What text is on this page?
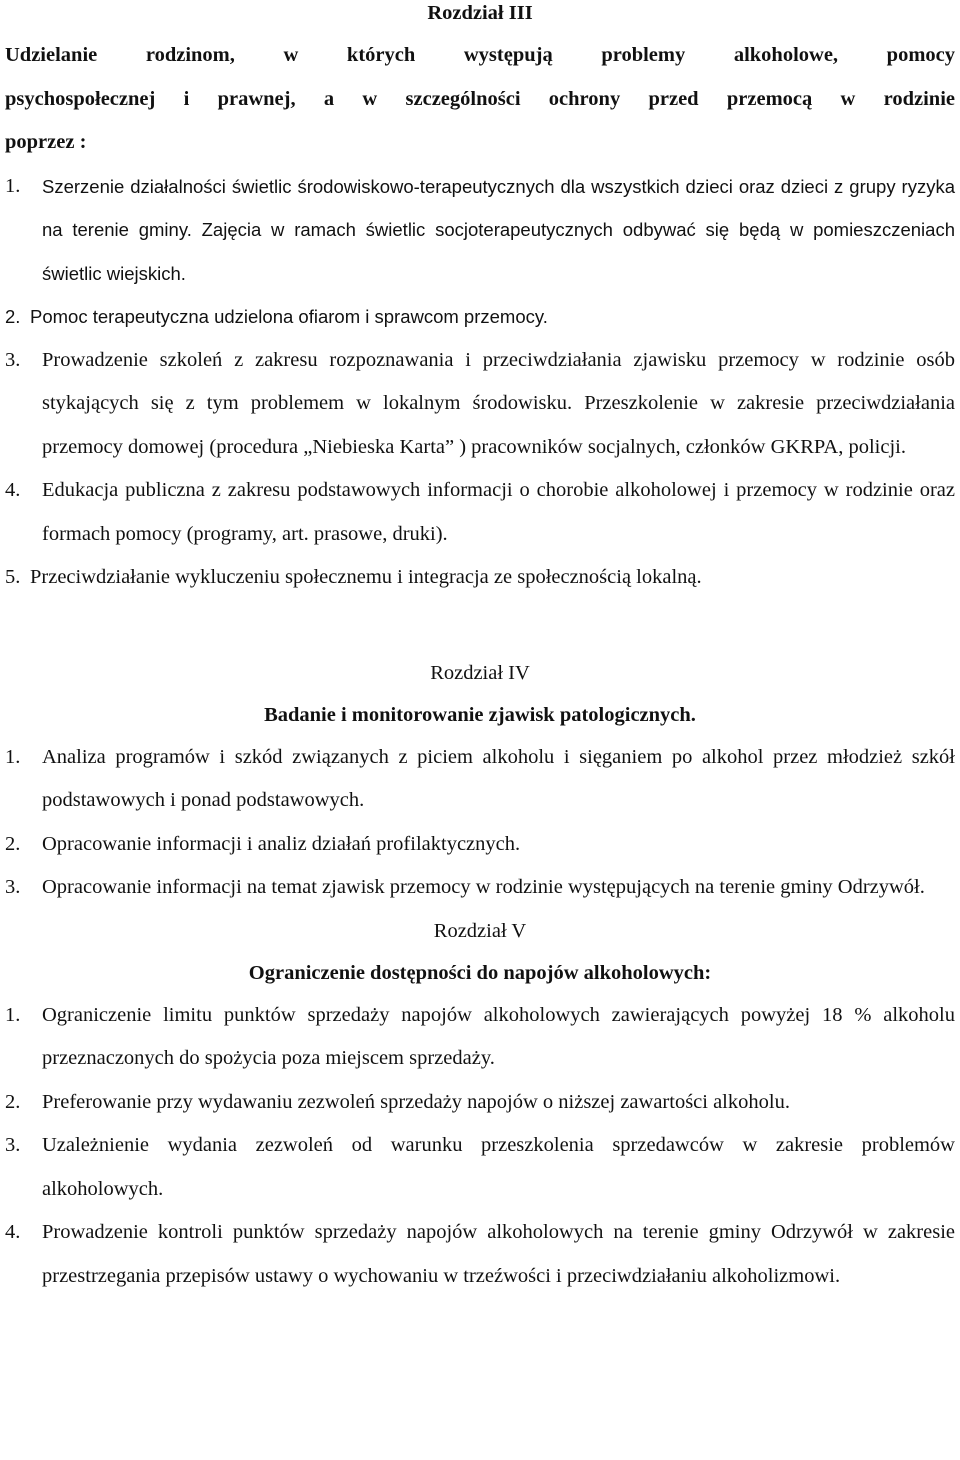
Rozdział III
Udzielanie rodzinom, w których występują problemy alkoholowe, pomocy
psychospołecznej i prawnej, a w szczególności ochrony przed przemocą w rodzinie
poprzez :
1.	Szerzenie działalności świetlic środowiskowo-terapeutycznych dla wszystkich dzieci oraz dzieci z grupy ryzyka na terenie gminy. Zajęcia w ramach świetlic socjoterapeutycznych odbywać się będą w pomieszczeniach świetlic wiejskich.
2. Pomoc terapeutyczna udzielona ofiarom i sprawcom przemocy.
3.	Prowadzenie szkoleń z zakresu rozpoznawania i przeciwdziałania zjawisku przemocy w rodzinie osób stykających się z tym problemem w lokalnym środowisku. Przeszkolenie w zakresie przeciwdziałania przemocy domowej (procedura „Niebieska Karta” ) pracowników socjalnych, członków GKRPA, policji.
4.	Edukacja publiczna z zakresu podstawowych informacji o chorobie alkoholowej i przemocy w rodzinie oraz formach pomocy (programy, art. prasowe, druki).
5. Przeciwdziałanie wykluczeniu społecznemu i integracja ze społecznością lokalną.
Rozdział IV
Badanie i monitorowanie zjawisk patologicznych.
1.	Analiza programów i szkód związanych z piciem alkoholu i sięganiem po alkohol przez młodzież szkół podstawowych i ponad podstawowych.
2.	Opracowanie informacji i analiz działań profilaktycznych.
3.	Opracowanie informacji na temat zjawisk przemocy w rodzinie występujących na terenie gminy Odrzywół.
Rozdział V
Ograniczenie dostępności do napojów alkoholowych:
1.	Ograniczenie limitu punktów sprzedaży napojów alkoholowych zawierających powyżej 18 % alkoholu przeznaczonych do spożycia poza miejscem sprzedaży.
2.	Preferowanie przy wydawaniu zezwoleń sprzedaży napojów o niższej zawartości alkoholu.
3.	Uzależnienie wydania zezwoleń od warunku przeszkolenia sprzedawców w zakresie problemów alkoholowych.
4.	Prowadzenie kontroli punktów sprzedaży napojów alkoholowych na terenie gminy Odrzywół w zakresie przestrzegania przepisów ustawy o wychowaniu w trzeźwości i przeciwdziałaniu alkoholizmowi.
